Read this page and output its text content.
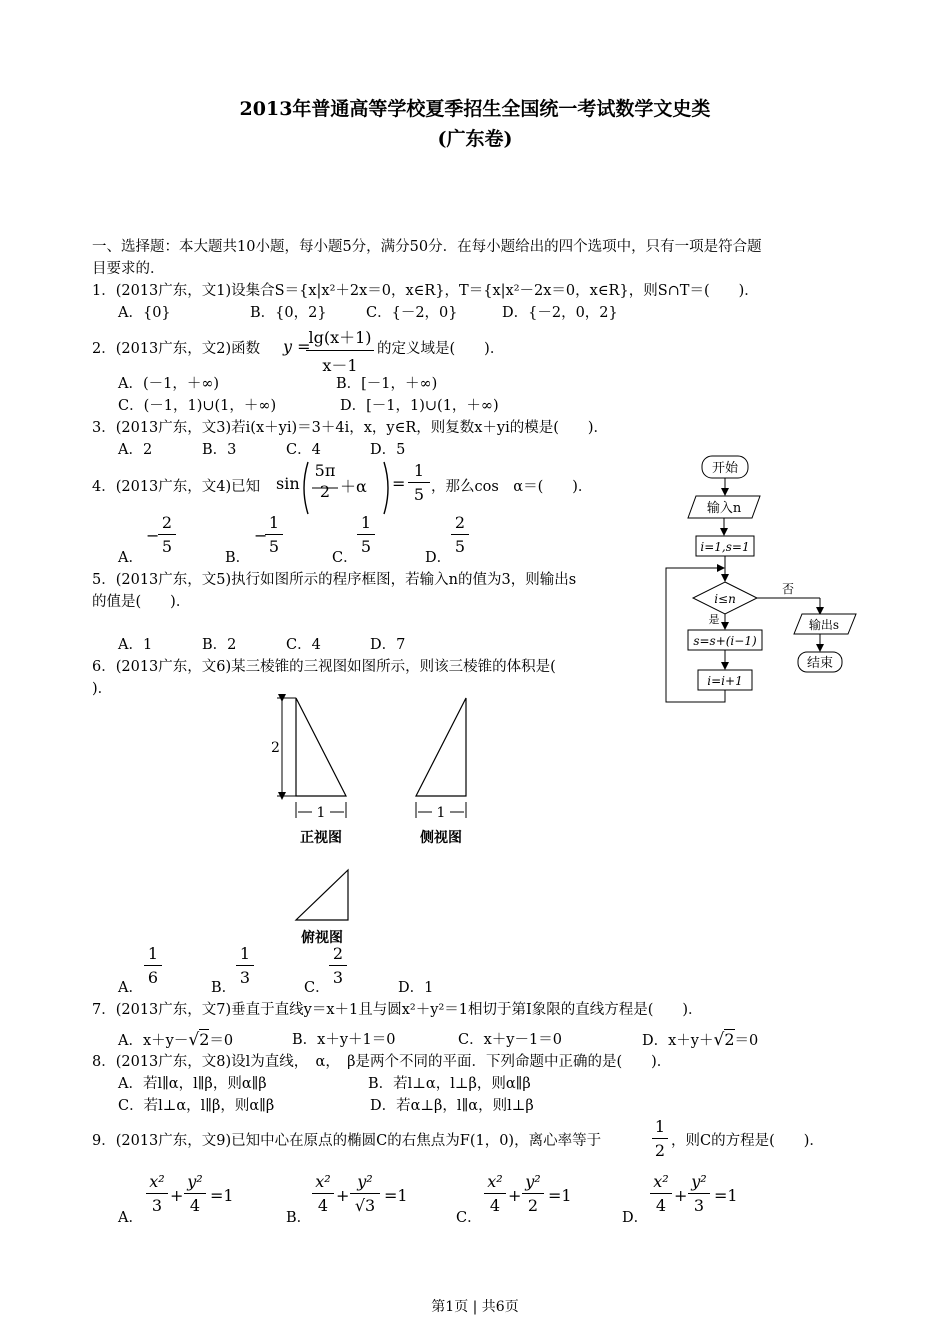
2013年普通高等学校夏季招生全国统一考试数学文史类
(广东卷)
一、选择题：本大题共10小题，每小题5分，满分50分．在每小题给出的四个选项中，只有一项是符合题
目要求的．
1．(2013广东，文1)设集合S＝{x|x²＋2x＝0，x∈R}，T＝{x|x²－2x＝0，x∈R}，则S∩T＝(　　)．
A．{0}	B．{0，2}	C．{－2，0}	D．{－2，0，2}
2．(2013广东，文2)函数 y =
lg(x＋1)
x－1
的定义域是(　　)．
A．(－1，＋∞)	B．[－1，＋∞)
C．(－1，1)∪(1，＋∞)	D．[－1，1)∪(1，＋∞)
3．(2013广东，文3)若i(x＋yi)＝3＋4i，x，y∈R，则复数x＋yi的模是(　　)．
A．2	B．3	C．4	D．5
4．(2013广东，文4)已知 sin
5π
2 ＋α =
1
5 ，那么cos　α＝(　　)．
A．
−
2
5
B．
−
1
5
C．
1
5
D．
2
5
5．(2013广东，文5)执行如图所示的程序框图，若输入n的值为3，则输出s
的值是(　　)．
A．1	B．2	C．4	D．7
开始
输入n
i=1,s=1
i≤n
否
输出s
结束
是
s=s+(i−1)
i=i+1
6．(2013广东，文6)某三棱锥的三视图如图所示，则该三棱锥的体积是(
)．
2
1
正视图
1
侧视图
俯视图
A．
1
6
B．
1
3
C．
2
3
D．1
7．(2013广东，文7)垂直于直线y＝x＋1且与圆x²＋y²＝1相切于第Ⅰ象限的直线方程是(　　)．
A．x＋y－√2＝0	B．x＋y＋1＝0	C．x＋y－1＝0	D．x＋y＋√2＝0
8．(2013广东，文8)设l为直线，　α，　β是两个不同的平面．下列命题中正确的是(　　)．
A．若l∥α，l∥β，则α∥β	B．若l⊥α，l⊥β，则α∥β
C．若l⊥α，l∥β，则α∥β	D．若α⊥β，l∥α，则l⊥β
9．(2013广东，文9)已知中心在原点的椭圆C的右焦点为F(1，0)，离心率等于
1
2 ，则C的方程是(　　)．
A．
x²
3
+
y²
4
=1
B．
x²
4
+
y²
√3
=1
C．
x²
4
+
y²
2
=1
D．
x²
4
+
y²
3
=1
第1页 | 共6页
